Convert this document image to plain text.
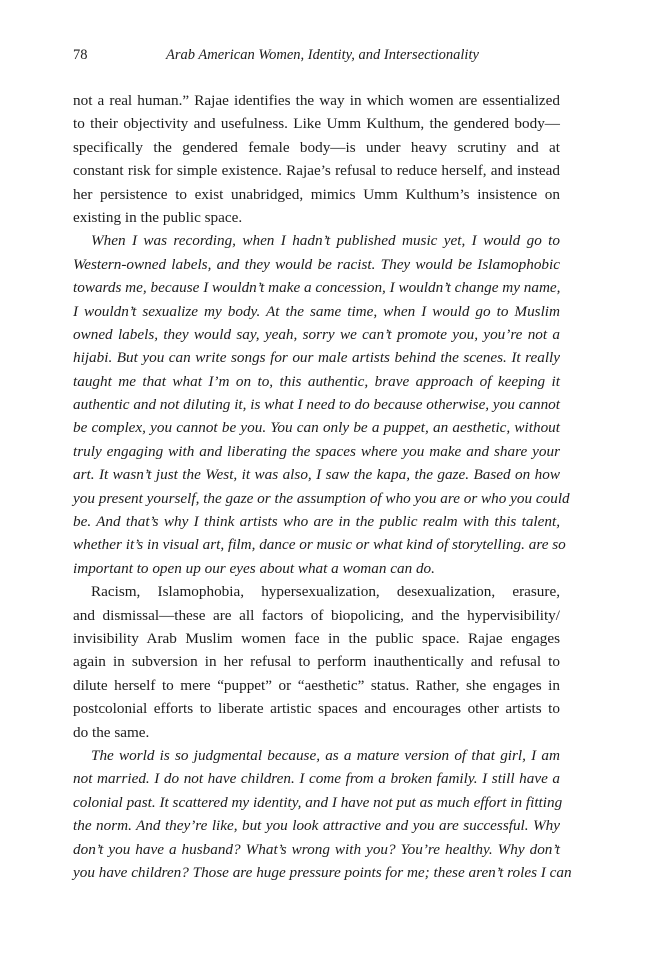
78	Arab American Women, Identity, and Intersectionality
not a real human.” Rajae identifies the way in which women are essentialized
to their objectivity and usefulness. Like Umm Kulthum, the gendered body—
specifically the gendered female body—is under heavy scrutiny and at
constant risk for simple existence. Rajae’s refusal to reduce herself, and instead
her persistence to exist unabridged, mimics Umm Kulthum’s insistence on
existing in the public space.
When I was recording, when I hadn’t published music yet, I would go to
Western-owned labels, and they would be racist. They would be Islamophobic
towards me, because I wouldn’t make a concession, I wouldn’t change my name,
I wouldn’t sexualize my body. At the same time, when I would go to Muslim
owned labels, they would say, yeah, sorry we can’t promote you, you’re not a
hijabi. But you can write songs for our male artists behind the scenes. It really
taught me that what I’m on to, this authentic, brave approach of keeping it
authentic and not diluting it, is what I need to do because otherwise, you cannot
be complex, you cannot be you. You can only be a puppet, an aesthetic, without
truly engaging with and liberating the spaces where you make and share your
art. It wasn’t just the West, it was also, I saw the kapa, the gaze. Based on how
you present yourself, the gaze or the assumption of who you are or who you could
be. And that’s why I think artists who are in the public realm with this talent,
whether it’s in visual art, film, dance or music or what kind of storytelling. are so
important to open up our eyes about what a woman can do.
Racism, Islamophobia, hypersexualization, desexualization, erasure,
and dismissal—these are all factors of biopolicing, and the hypervisibility/
invisibility Arab Muslim women face in the public space. Rajae engages
again in subversion in her refusal to perform inauthentically and refusal to
dilute herself to mere “puppet” or “aesthetic” status. Rather, she engages in
postcolonial efforts to liberate artistic spaces and encourages other artists to
do the same.
The world is so judgmental because, as a mature version of that girl, I am
not married. I do not have children. I come from a broken family. I still have a
colonial past. It scattered my identity, and I have not put as much effort in fitting
the norm. And they’re like, but you look attractive and you are successful. Why
don’t you have a husband? What’s wrong with you? You’re healthy. Why don’t
you have children? Those are huge pressure points for me; these aren’t roles I can
